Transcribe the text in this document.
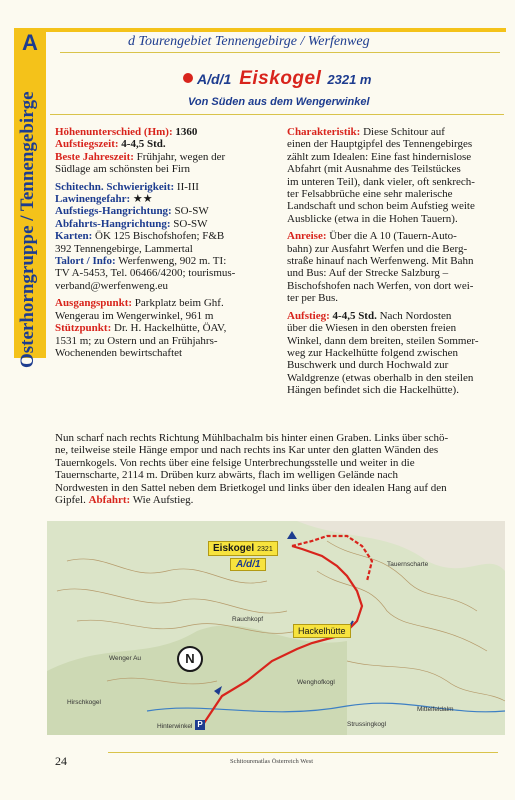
A
Osterhorngruppe / Tennengebirge
d Tourengebiet Tennengebirge / Werfenweg
A/d/1 Eiskogel 2321 m
Von Süden aus dem Wengerwinkel

Höhenunterschied (Hm): 1360

Aufstiegszeit: 4-4,5 Std.

Beste Jahreszeit: Frühjahr, wegen der

Südlage am schönsten bei Firn

Schitechn. Schwierigkeit: II-III

Lawinengefahr: ★★

Aufstiegs-Hangrichtung: SO-SW

Abfahrts-Hangrichtung: SO-SW

Karten: ÖK 125 Bischofshofen; F&B

392 Tennengebirge, Lammertal

Talort / Info: Werfenweng, 902 m. TI:

TV A-5453, Tel. 06466/4200; tourismus-

verband@werfenweng.eu

Ausgangspunkt: Parkplatz beim Ghf.

Wengerau im Wengerwinkel, 961 m

Stützpunkt: Dr. H. Hackelhütte, ÖAV,

1531 m; zu Ostern und an Frühjahrs-

Wochenenden bewirtschaftet

Charakteristik: Diese Schitour auf

einen der Hauptgipfel des Tennengebirges

zählt zum Idealen: Eine fast hindernislose

Abfahrt (mit Ausnahme des Teilstückes

im unteren Teil), dank vieler, oft senkrech-

ter Felsabbrüche eine sehr malerische

Landschaft und schon beim Aufstieg weite

Ausblicke (etwa in die Hohen Tauern).

Anreise: Über die A 10 (Tauern-Auto-

bahn) zur Ausfahrt Werfen und die Berg-

straße hinauf nach Werfenweng. Mit Bahn

und Bus: Auf der Strecke Salzburg –

Bischofshofen nach Werfen, von dort wei-

ter per Bus.

Aufstieg: 4-4,5 Std. Nach Nordosten

über die Wiesen in den obersten freien

Winkel, dann dem breiten, steilen Sommer-

weg zur Hackelhütte folgend zwischen

Buschwerk und durch Hochwald zur

Waldgrenze (etwas oberhalb in den steilen

Hängen befindet sich die Hackelhütte).

Nun scharf nach rechts Richtung Mühlbachalm bis hinter einen Graben. Links über schö-

ne, teilweise steile Hänge empor und nach rechts ins Kar unter den glatten Wänden des

Tauernkogels. Von rechts über eine felsige Unterbrechungsstelle und weiter in die

Tauernscharte, 2114 m. Drüben kurz abwärts, flach im welligen Gelände nach

Nordwesten in den Sattel neben dem Brietkogel und links über den idealen Hang auf den

Gipfel. Abfahrt: Wie Aufstieg.

Wenger Au
Hirschkogel
Wenghofkogl
Tauernscharte
Mittelfeldalm
Strussingkogl
Hinterwinkel
Rauchkopf
Eiskogel 2321
A/d/1
Hackelhütte
N
P
24	Schitourenatlas Österreich West
